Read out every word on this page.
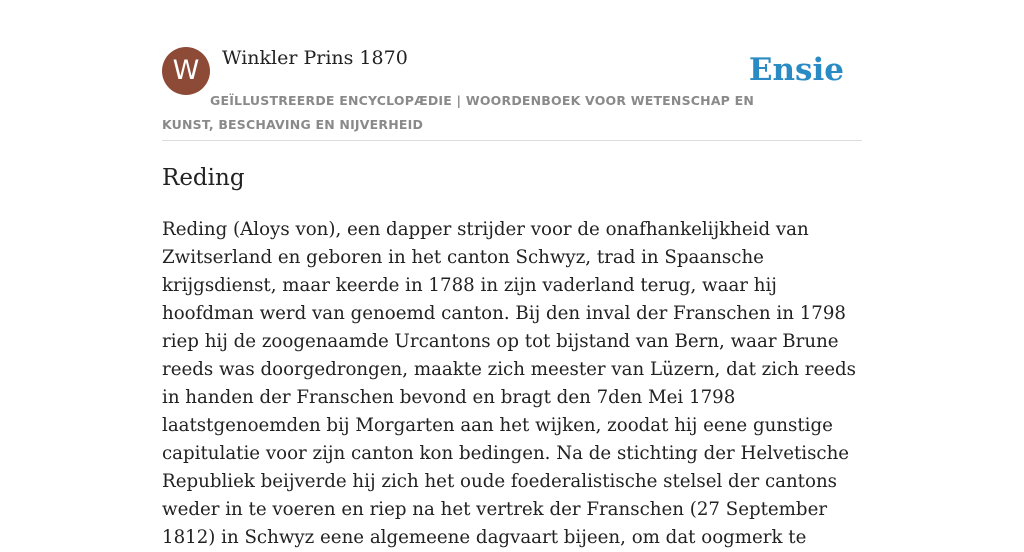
W	Winkler Prins 1870	Ensie
GEÏLLUSTREERDE ENCYCLOPÆDIE | WOORDENBOEK VOOR WETENSCHAP EN KUNST, BESCHAVING EN NIJVERHEID
Reding

Reding (Aloys von), een dapper strijder voor de onafhankelijkheid van Zwitserland en geboren in het canton Schwyz, trad in Spaansche krijgsdienst, maar keerde in 1788 in zijn vaderland terug, waar hij hoofdman werd van genoemd canton. Bij den inval der Franschen in 1798 riep hij de zoogenaamde Urcantons op tot bijstand van Bern, waar Brune reeds was doorgedrongen, maakte zich meester van Lüzern, dat zich reeds in handen der Franschen bevond en bragt den 7den Mei 1798 laatstgenoemden bij Morgarten aan het wijken, zoodat hij eene gunstige capitulatie voor zijn canton kon bedingen. Na de stichting der Helvetische Republiek beijverde hij zich het oude foederalistische stelsel der cantons weder in te voeren en riep na het vertrek der Franschen (27 September 1812) in Schwyz eene algemeene dagvaart bijeen, om dat oogmerk te
